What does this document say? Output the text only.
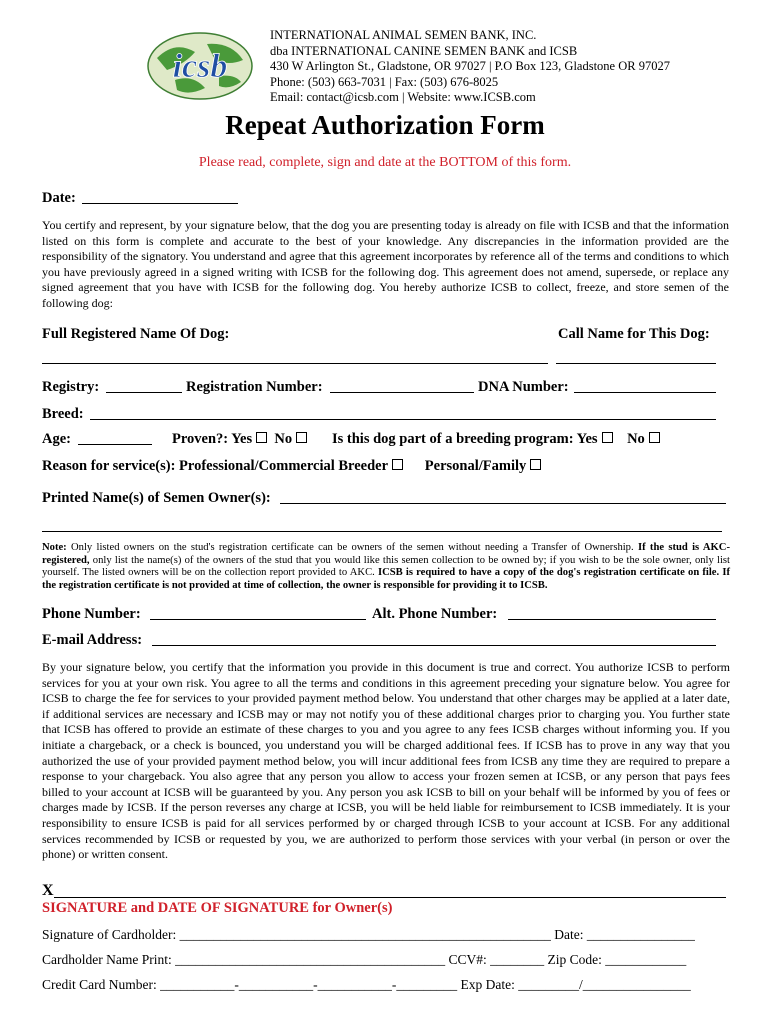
icsb
INTERNATIONAL ANIMAL SEMEN BANK, INC.
dba INTERNATIONAL CANINE SEMEN BANK and ICSB
430 W Arlington St., Gladstone, OR 97027 | P.O Box 123, Gladstone OR 97027
Phone: (503) 663-7031 | Fax: (503) 676-8025
Email: contact@icsb.com | Website: www.ICSB.com
Repeat Authorization Form
Please read, complete, sign and date at the BOTTOM of this form.
Date:
You certify and represent, by your signature below, that the dog you are presenting today is already on file with ICSB and that the information listed on this form is complete and accurate to the best of your knowledge. Any discrepancies in the information provided are the responsibility of the signatory. You understand and agree that this agreement incorporates by reference all of the terms and conditions to which you have previously agreed in a signed writing with ICSB for the following dog. This agreement does not amend, supersede, or replace any signed agreement that you have with ICSB for the following dog. You hereby authorize ICSB to collect, freeze, and store semen of the following dog:
Full Registered Name Of Dog:	Call Name for This Dog:
Registry:	Registration Number:	DNA Number:
Breed:
Age:	Proven?: Yes No	Is this dog part of a breeding program: Yes No
Reason for service(s): Professional/Commercial Breeder	Personal/Family
Printed Name(s) of Semen Owner(s):
Note: Only listed owners on the stud's registration certificate can be owners of the semen without needing a Transfer of Ownership. If the stud is AKC-registered, only list the name(s) of the owners of the stud that you would like this semen collection to be owned by; if you wish to be the sole owner, only list yourself. The listed owners will be on the collection report provided to AKC. ICSB is required to have a copy of the dog's registration certificate on file. If the registration certificate is not provided at time of collection, the owner is responsible for providing it to ICSB.
Phone Number:	Alt. Phone Number:
E-mail Address:
By your signature below, you certify that the information you provide in this document is true and correct. You authorize ICSB to perform services for you at your own risk. You agree to all the terms and conditions in this agreement preceding your signature below. You agree for ICSB to charge the fee for services to your provided payment method below. You understand that other charges may be applied at a later date, if additional services are necessary and ICSB may or may not notify you of these additional charges prior to charging you. You further state that ICSB has offered to provide an estimate of these charges to you and you agree to any fees ICSB charges without informing you. If you initiate a chargeback, or a check is bounced, you understand you will be charged additional fees. If ICSB has to prove in any way that you authorized the use of your provided payment method below, you will incur additional fees from ICSB any time they are required to prepare a response to your chargeback. You also agree that any person you allow to access your frozen semen at ICSB, or any person that pays fees billed to your account at ICSB will be guaranteed by you. Any person you ask ICSB to bill on your behalf will be informed by you of fees or charges made by ICSB. If the person reverses any charge at ICSB, you will be held liable for reimbursement to ICSB immediately. It is your responsibility to ensure ICSB is paid for all services performed by or charged through ICSB to your account at ICSB. For any additional services recommended by ICSB or requested by you, we are authorized to perform those services with your verbal (in person or over the phone) or written consent.
X
SIGNATURE and DATE OF SIGNATURE for Owner(s)
Signature of Cardholder: _______________________________________________________ Date: ________________
Cardholder Name Print: ________________________________________ CCV#: ________ Zip Code: ____________
Credit Card Number: ___________-___________-___________-_________ Exp Date: _________/________________
